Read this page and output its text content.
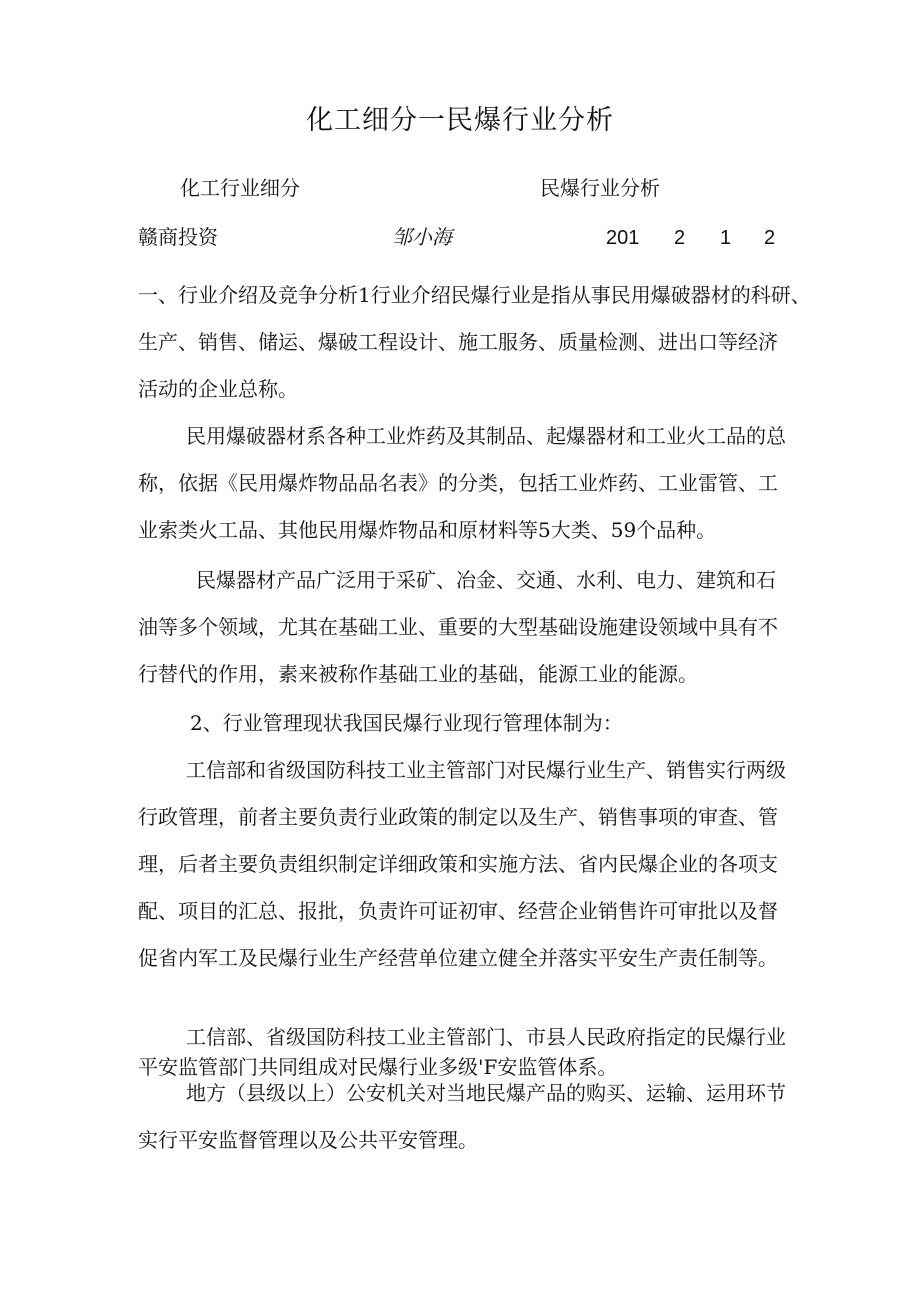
化工细分一民爆行业分析
化工行业细分	民爆行业分析
赣商投资	邹小海	201 2 1 2
一、行业介绍及竞争分析1行业介绍民爆行业是指从事民用爆破器材的科研、
生产、销售、储运、爆破工程设计、施工服务、质量检测、进出口等经济
活动的企业总称。
民用爆破器材系各种工业炸药及其制品、起爆器材和工业火工品的总
称，依据《民用爆炸物品品名表》的分类，包括工业炸药、工业雷管、工
业索类火工品、其他民用爆炸物品和原材料等5大类、59个品种。
民爆器材产品广泛用于采矿、冶金、交通、水利、电力、建筑和石
油等多个领域，尤其在基础工业、重要的大型基础设施建设领域中具有不
行替代的作用，素来被称作基础工业的基础，能源工业的能源。
2、行业管理现状我国民爆行业现行管理体制为：
工信部和省级国防科技工业主管部门对民爆行业生产、销售实行两级
行政管理，前者主要负责行业政策的制定以及生产、销售事项的审查、管
理，后者主要负责组织制定详细政策和实施方法、省内民爆企业的各项支
配、项目的汇总、报批，负责许可证初审、经营企业销售许可审批以及督
促省内军工及民爆行业生产经营单位建立健全并落实平安生产责任制等。
工信部、省级国防科技工业主管部门、市县人民政府指定的民爆行业
平安监管部门共同组成对民爆行业多级'F安监管体系。
地方（县级以上）公安机关对当地民爆产品的购买、运输、运用环节
实行平安监督管理以及公共平安管理。
